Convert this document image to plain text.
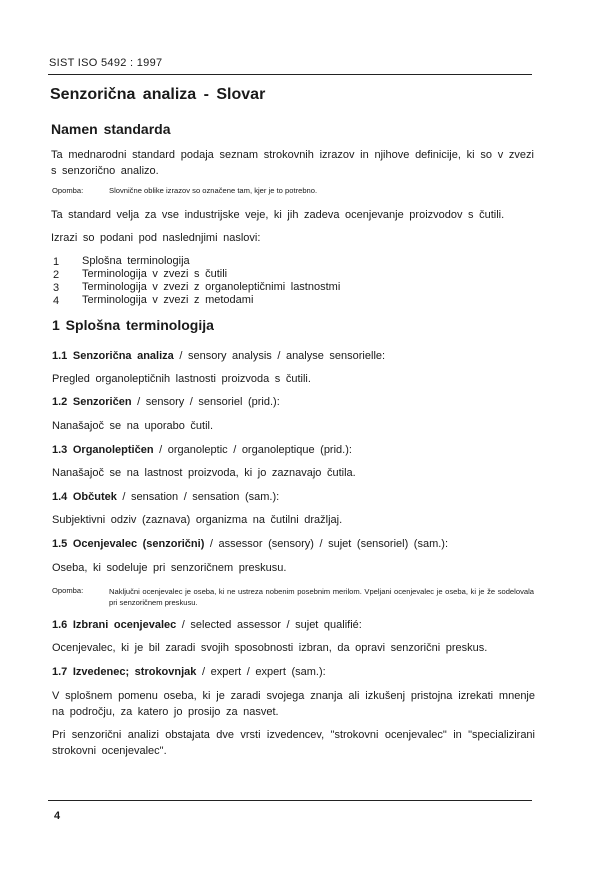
SIST ISO 5492 : 1997
Senzorična analiza - Slovar
Namen standarda
Ta mednarodni standard podaja seznam strokovnih izrazov in njihove definicije, ki so v zvezi s senzorično analizo.
Opomba:	Slovnične oblike izrazov so označene tam, kjer je to potrebno.
Ta standard velja za vse industrijske veje, ki jih zadeva ocenjevanje proizvodov s čutili.
Izrazi so podani pod naslednjimi naslovi:
1 Splošna terminologija
2 Terminologija v zvezi s čutili
3 Terminologija v zvezi z organoleptičnimi lastnostmi
4 Terminologija v zvezi z metodami
1 Splošna terminologija
1.1 Senzorična analiza / sensory analysis / analyse sensorielle:
Pregled organoleptičnih lastnosti proizvoda s čutili.
1.2 Senzoričen / sensory / sensoriel (prid.):
Nanašajoč se na uporabo čutil.
1.3 Organoleptičen / organoleptic / organoleptique (prid.):
Nanašajoč se na lastnost proizvoda, ki jo zaznavajo čutila.
1.4 Občutek / sensation / sensation (sam.):
Subjektivni odziv (zaznava) organizma na čutilni dražljaj.
1.5 Ocenjevalec (senzorični) / assessor (sensory) / sujet (sensoriel) (sam.):
Oseba, ki sodeluje pri senzoričnem preskusu.
Opomba:	Naključni ocenjevalec je oseba, ki ne ustreza nobenim posebnim merilom. Vpeljani ocenjevalec je oseba, ki je že sodelovala pri senzoričnem preskusu.
1.6 Izbrani ocenjevalec / selected assessor / sujet qualifié:
Ocenjevalec, ki je bil zaradi svojih sposobnosti izbran, da opravi senzorični preskus.
1.7 Izvedenec; strokovnjak / expert / expert (sam.):
V splošnem pomenu oseba, ki je zaradi svojega znanja ali izkušenj pristojna izrekati mnenje na področju, za katero jo prosijo za nasvet.
Pri senzorični analizi obstajata dve vrsti izvedencev, "strokovni ocenjevalec" in "specializirani strokovni ocenjevalec".
4
